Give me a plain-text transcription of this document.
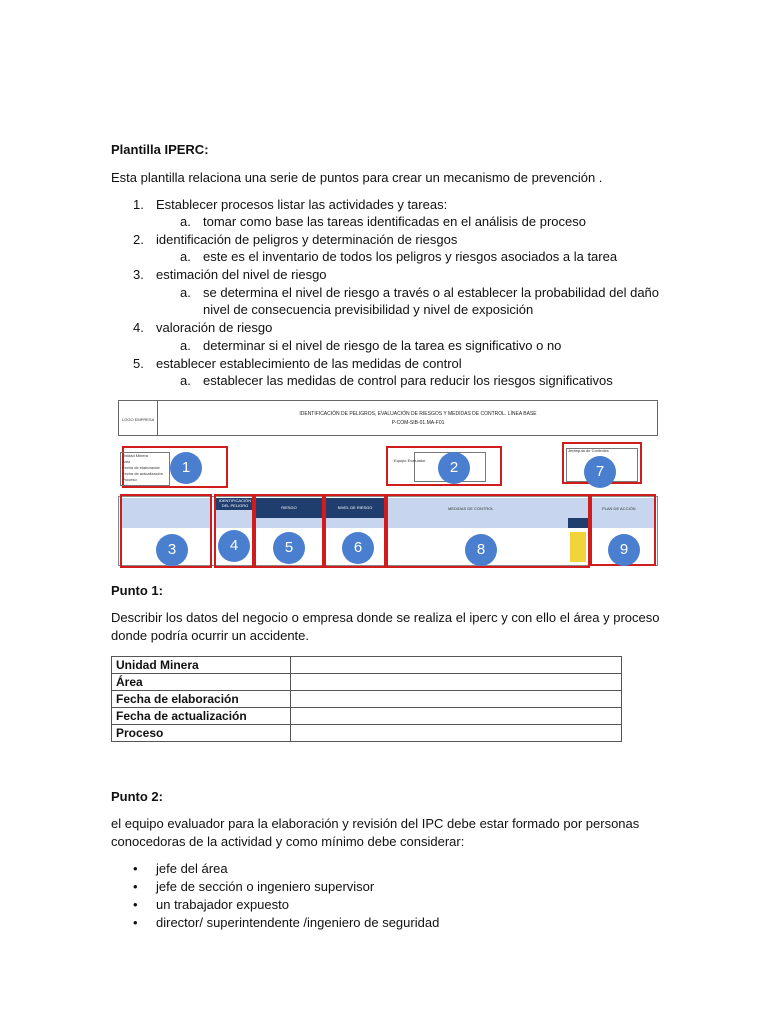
Plantilla IPERC:
Esta plantilla relaciona una serie de puntos para crear un mecanismo de prevención .
1. Establecer procesos listar las actividades y tareas:
a. tomar como base las tareas identificadas en el análisis de proceso
2. identificación de peligros y determinación de riesgos
a. este es el inventario de todos los peligros y riesgos asociados a la tarea
3. estimación del nivel de riesgo
a. se determina el nivel de riesgo a través o al establecer la probabilidad del daño
nivel de consecuencia previsibilidad y nivel de exposición
4. valoración de riesgo
a. determinar si el nivel de riesgo de la tarea es significativo o no
5. establecer establecimiento de las medidas de control
a. establecer las medidas de control para reducir los riesgos significativos
LOGO EMPRESA
IDENTIFICACIÓN DE PELIGROS, EVALUACIÓN DE RIESGOS Y MEDIDAS DE CONTROL. LÍNEA BASE
P-COM-SIB-01.MA-F01
Unidad Minera
Área
Fecha de elaboración
Fecha de actualización
Proceso
1	Equipo Evaluador	2
Jerarquía de Controles
7
IDENTIFICACIÓN DEL PELIGRO	RIESGO	NIVEL DE RIESGO	MEDIDAS DE CONTROL	PLAN DE ACCIÓN
3	4	5	6	8	9
Punto 1:
Describir los datos del negocio o empresa donde se realiza el iperc y con ello el área y proceso
donde podría ocurrir un accidente.
Unidad Minera	
Área	
Fecha de elaboración	
Fecha de actualización	
Proceso	
Punto 2:
el equipo evaluador para la elaboración y revisión del IPC debe estar formado por personas
conocedoras de la actividad y como mínimo debe considerar:
• jefe del área
• jefe de sección o ingeniero supervisor
• un trabajador expuesto
• director/ superintendente /ingeniero de seguridad
